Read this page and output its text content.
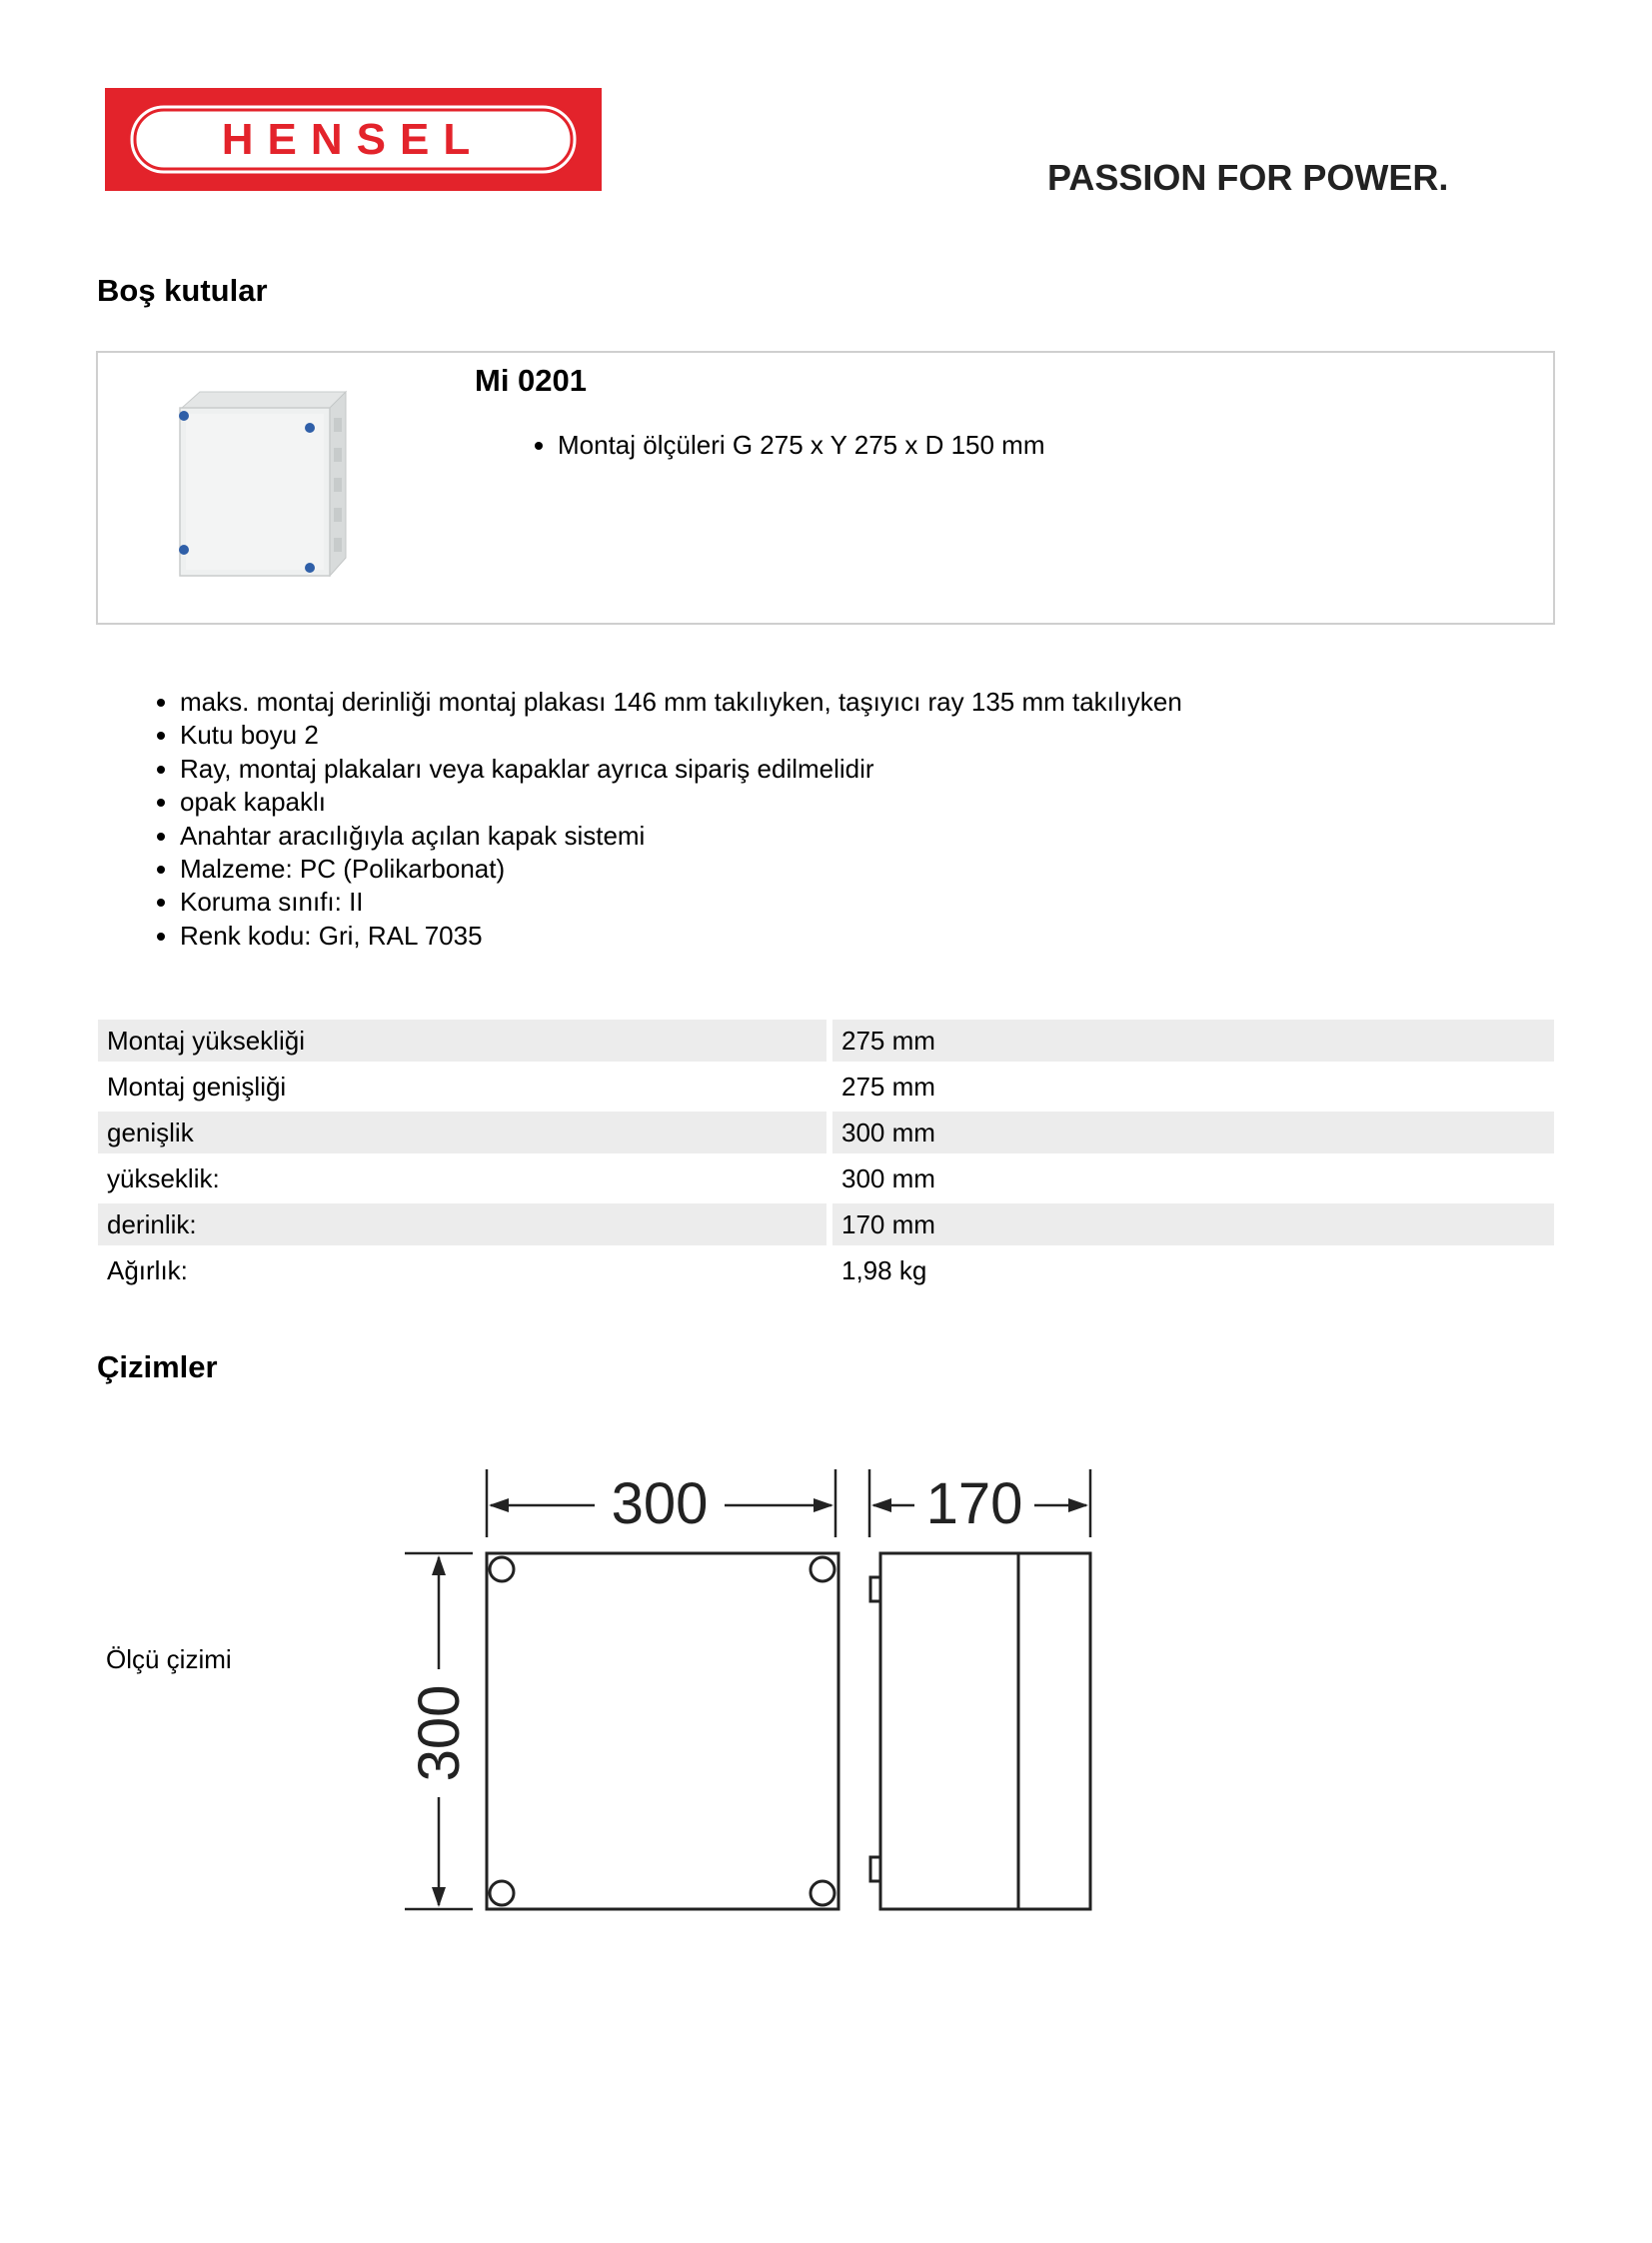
HENSEL
PASSION FOR POWER.
Boş kutular
Mi 0201
• Montaj ölçüleri G 275 x Y 275 x D 150 mm
• maks. montaj derinliği montaj plakası 146 mm takılıyken, taşıyıcı ray 135 mm takılıyken
• Kutu boyu 2
• Ray, montaj plakaları veya kapaklar ayrıca sipariş edilmelidir
• opak kapaklı
• Anahtar aracılığıyla açılan kapak sistemi
• Malzeme: PC (Polikarbonat)
• Koruma sınıfı: II
• Renk kodu: Gri, RAL 7035
Montaj yüksekliği	275 mm
Montaj genişliği	275 mm
genişlik	300 mm
yükseklik:	300 mm
derinlik:	170 mm
Ağırlık:	1,98 kg
Çizimler
Ölçü çizimi
300	170
300
